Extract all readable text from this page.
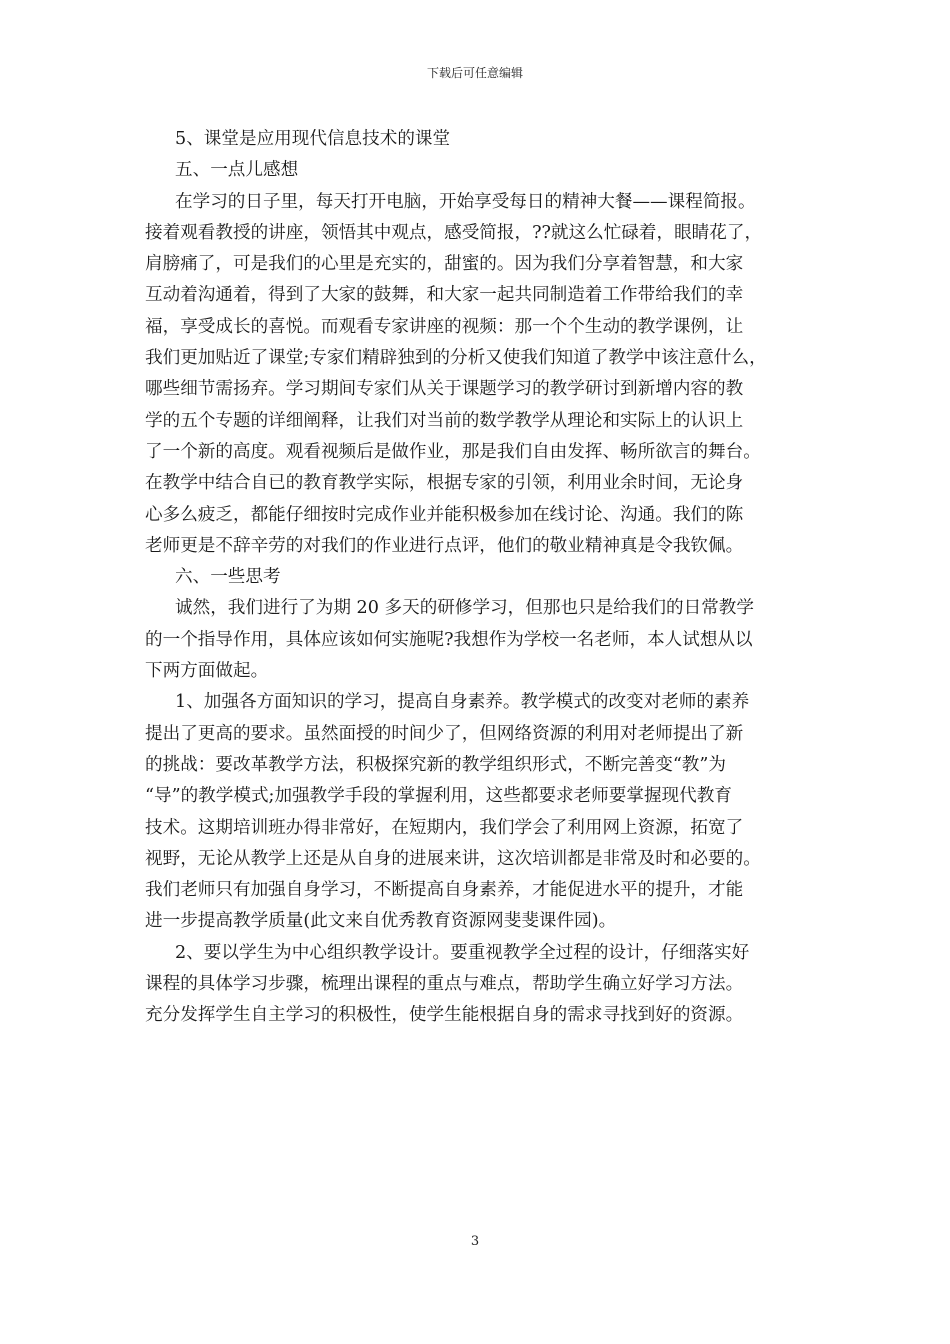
下载后可任意编辑
5、课堂是应用现代信息技术的课堂
五、一点儿感想
在学习的日子里，每天打开电脑，开始享受每日的精神大餐——课程简报。
接着观看教授的讲座，领悟其中观点，感受简报，??就这么忙碌着，眼睛花了，
肩膀痛了，可是我们的心里是充实的，甜蜜的。因为我们分享着智慧，和大家
互动着沟通着，得到了大家的鼓舞，和大家一起共同制造着工作带给我们的幸
福，享受成长的喜悦。而观看专家讲座的视频：那一个个生动的教学课例，让
我们更加贴近了课堂;专家们精辟独到的分析又使我们知道了教学中该注意什么，
哪些细节需扬弃。学习期间专家们从关于课题学习的教学研讨到新增内容的教
学的五个专题的详细阐释，让我们对当前的数学教学从理论和实际上的认识上
了一个新的高度。观看视频后是做作业，那是我们自由发挥、畅所欲言的舞台。
在教学中结合自已的教育教学实际，根据专家的引领，利用业余时间，无论身
心多么疲乏，都能仔细按时完成作业并能积极参加在线讨论、沟通。我们的陈
老师更是不辞辛劳的对我们的作业进行点评，他们的敬业精神真是令我钦佩。
六、一些思考
诚然，我们进行了为期 20 多天的研修学习，但那也只是给我们的日常教学
的一个指导作用，具体应该如何实施呢?我想作为学校一名老师，本人试想从以
下两方面做起。
1、加强各方面知识的学习，提高自身素养。教学模式的改变对老师的素养
提出了更高的要求。虽然面授的时间少了，但网络资源的利用对老师提出了新
的挑战：要改革教学方法，积极探究新的教学组织形式，不断完善变“教”为
“导”的教学模式;加强教学手段的掌握利用，这些都要求老师要掌握现代教育
技术。这期培训班办得非常好，在短期内，我们学会了利用网上资源，拓宽了
视野，无论从教学上还是从自身的进展来讲，这次培训都是非常及时和必要的。
我们老师只有加强自身学习，不断提高自身素养，才能促进水平的提升，才能
进一步提高教学质量(此文来自优秀教育资源网斐斐课件园)。
2、要以学生为中心组织教学设计。要重视教学全过程的设计，仔细落实好
课程的具体学习步骤，梳理出课程的重点与难点，帮助学生确立好学习方法。
充分发挥学生自主学习的积极性，使学生能根据自身的需求寻找到好的资源。
3
